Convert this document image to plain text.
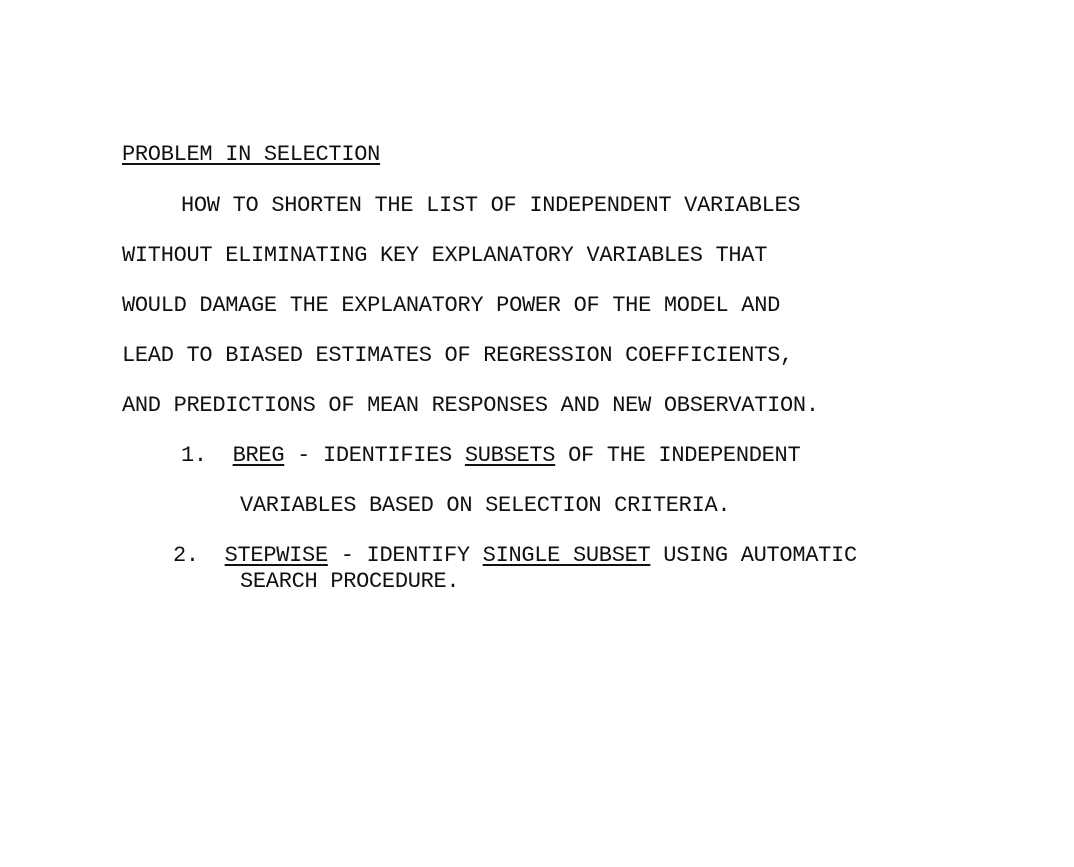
PROBLEM IN SELECTION
HOW TO SHORTEN THE LIST OF INDEPENDENT VARIABLES
WITHOUT ELIMINATING KEY EXPLANATORY VARIABLES THAT
WOULD DAMAGE THE EXPLANATORY POWER OF THE MODEL AND
LEAD TO BIASED ESTIMATES OF REGRESSION COEFFICIENTS,
AND PREDICTIONS OF MEAN RESPONSES AND NEW OBSERVATION.
1. BREG - IDENTIFIES SUBSETS OF THE INDEPENDENT
VARIABLES BASED ON SELECTION CRITERIA.
2. STEPWISE - IDENTIFY SINGLE SUBSET USING AUTOMATIC
SEARCH PROCEDURE.
